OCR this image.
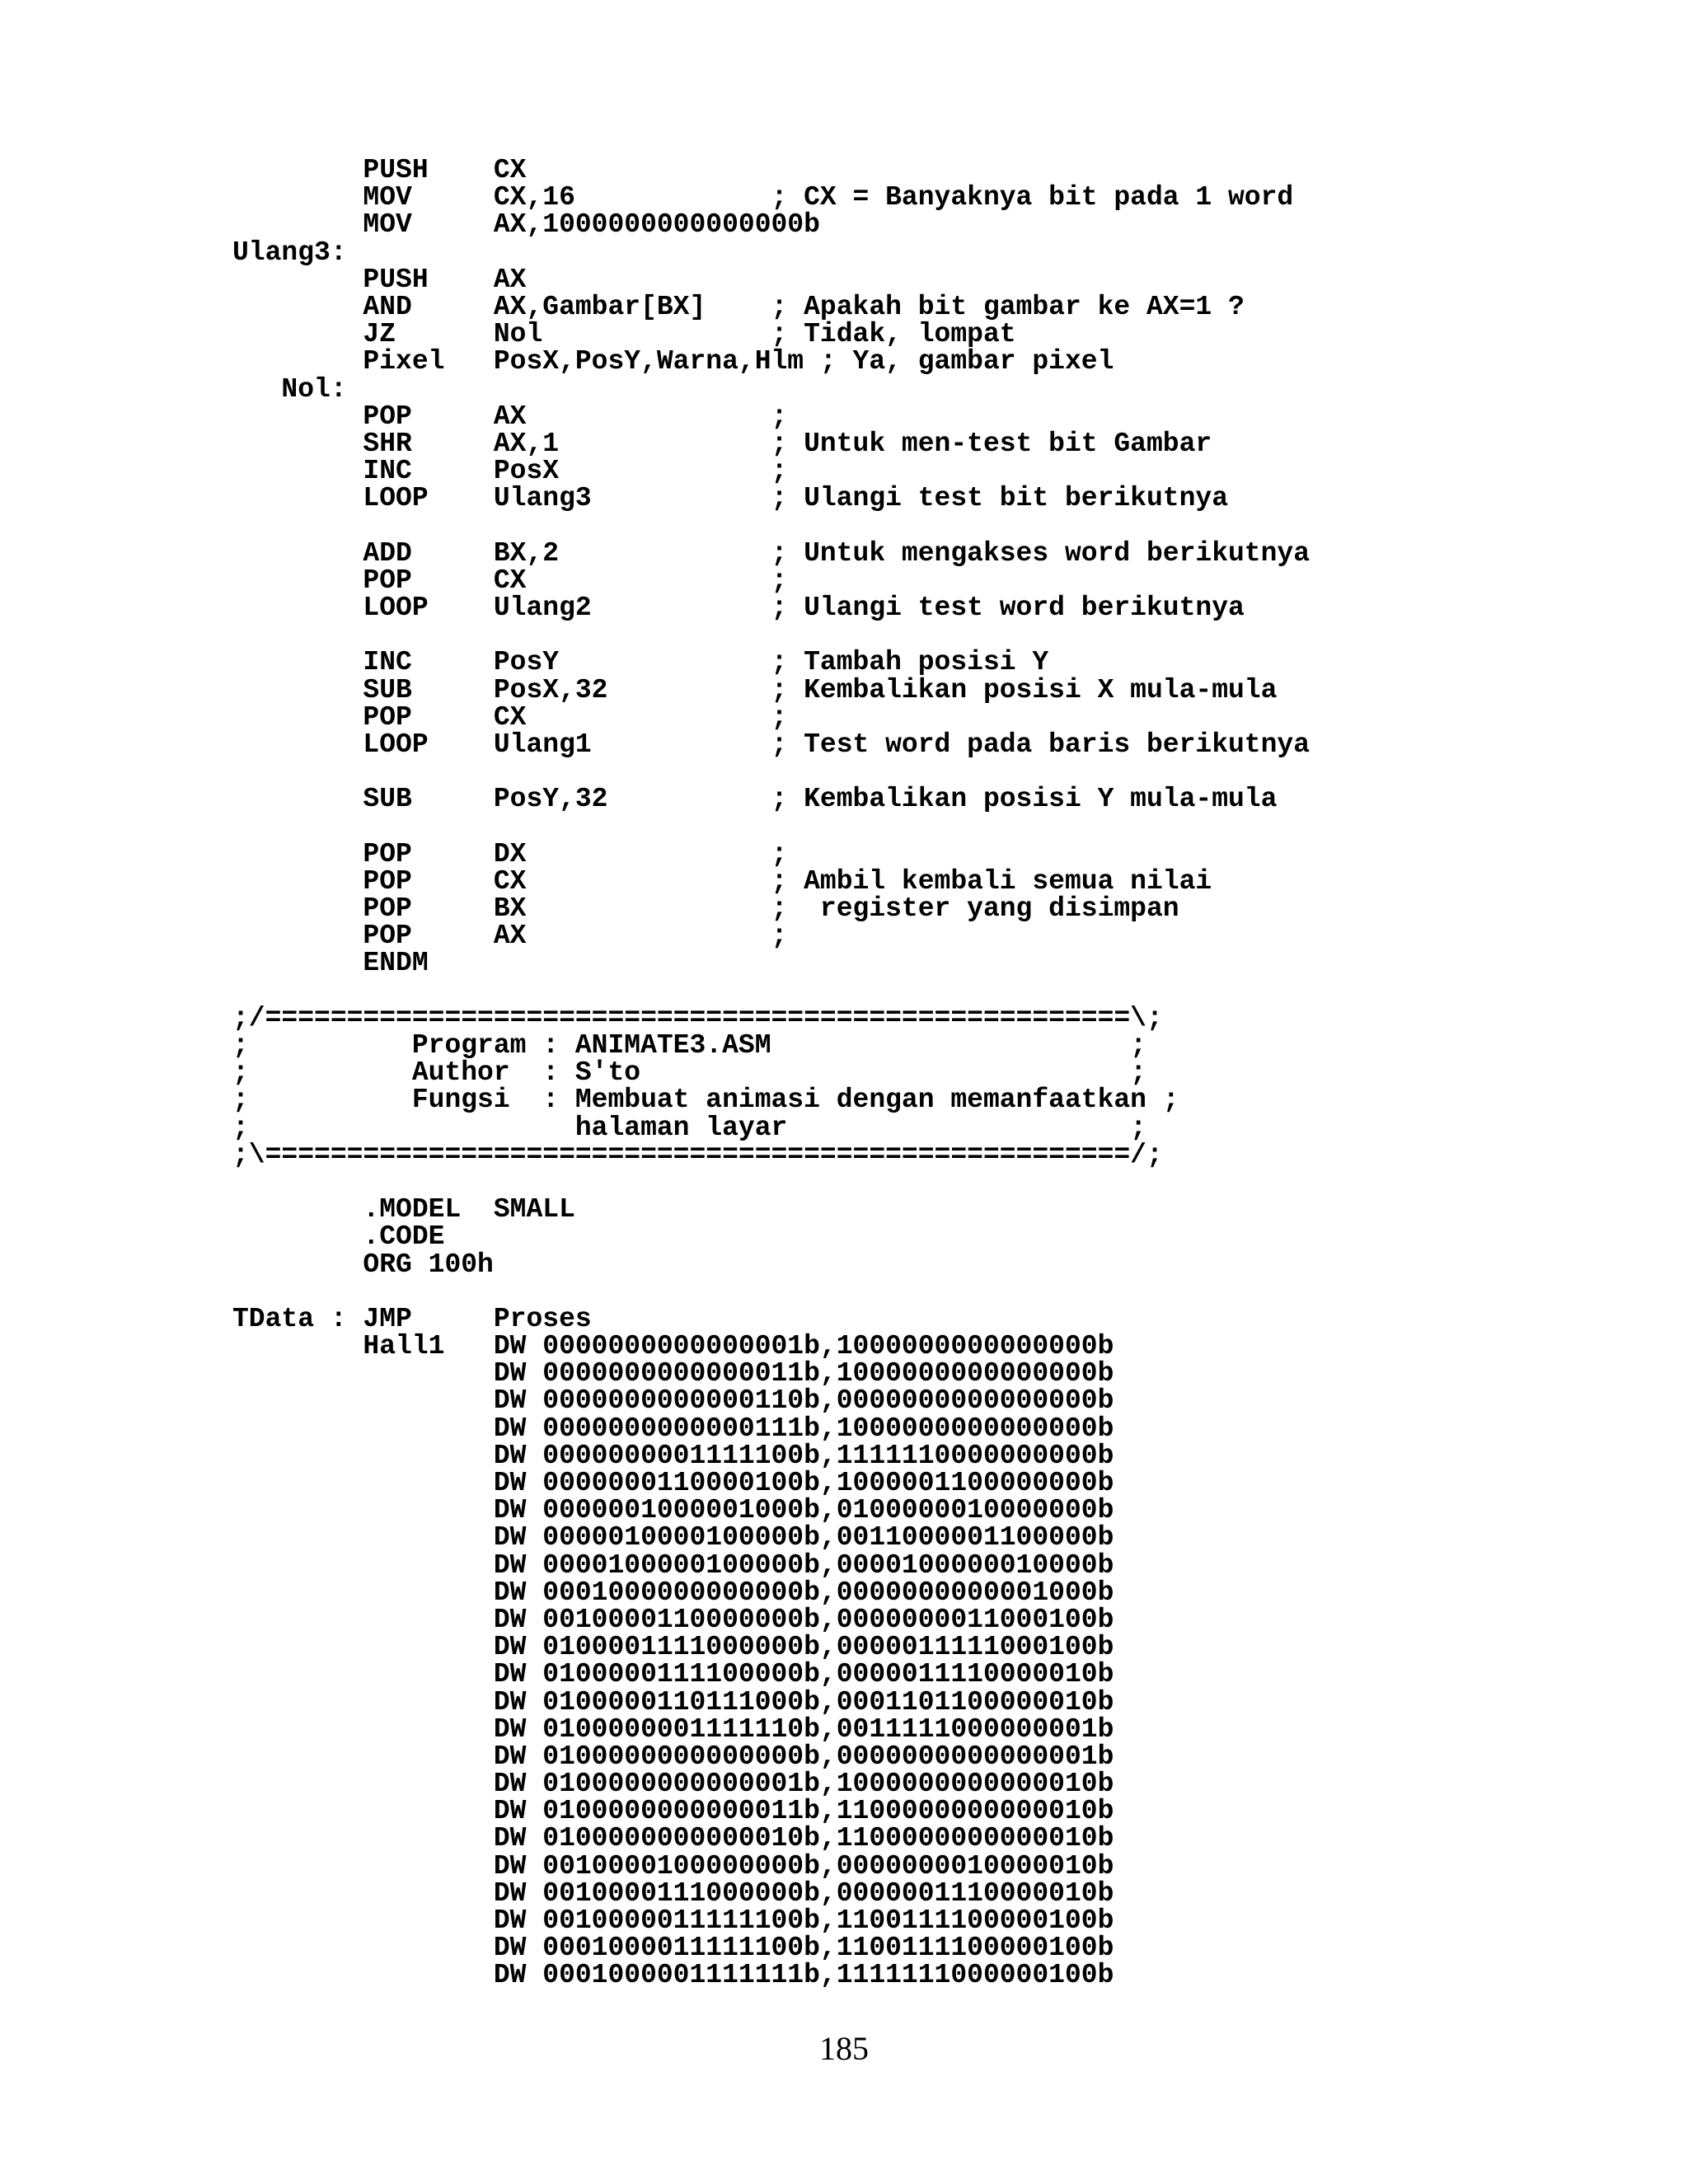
PUSH    CX
MOV     CX,16            ; CX = Banyaknya bit pada 1 word
MOV     AX,1000000000000000b
Ulang3:
PUSH    AX
AND     AX,Gambar[BX]    ; Apakah bit gambar ke AX=1 ?
JZ      Nol              ; Tidak, lompat
Pixel   PosX,PosY,Warna,Hlm ; Ya, gambar pixel
Nol:
POP     AX               ;
SHR     AX,1             ; Untuk men-test bit Gambar
INC     PosX             ;
LOOP    Ulang3           ; Ulangi test bit berikutnya

ADD     BX,2             ; Untuk mengakses word berikutnya
POP     CX               ;
LOOP    Ulang2           ; Ulangi test word berikutnya

INC     PosY             ; Tambah posisi Y
SUB     PosX,32          ; Kembalikan posisi X mula-mula
POP     CX               ;
LOOP    Ulang1           ; Test word pada baris berikutnya

SUB     PosY,32          ; Kembalikan posisi Y mula-mula

POP     DX               ;
POP     CX               ; Ambil kembali semua nilai
POP     BX               ;  register yang disimpan
POP     AX               ;
ENDM

;/=====================================================\;
;          Program : ANIMATE3.ASM                      ;
;          Author  : S'to                              ;
;          Fungsi  : Membuat animasi dengan memanfaatkan ;
;                    halaman layar                     ;
;\=====================================================/;

.MODEL  SMALL
.CODE
ORG 100h

TData : JMP     Proses
Hall1   DW 0000000000000001b,1000000000000000b
DW 0000000000000011b,1000000000000000b
DW 0000000000000110b,0000000000000000b
DW 0000000000000111b,1000000000000000b
DW 0000000001111100b,1111110000000000b
DW 0000000110000100b,1000001100000000b
DW 0000001000001000b,0100000010000000b
DW 0000010000100000b,0011000001100000b
DW 0000100000100000b,0000100000010000b
DW 0001000000000000b,0000000000001000b
DW 0010000110000000b,0000000011000100b
DW 0100001111000000b,0000011111000100b
DW 0100000111100000b,0000011110000010b
DW 0100000110111000b,0001101100000010b
DW 0100000001111110b,0011111000000001b
DW 0100000000000000b,0000000000000001b
DW 0100000000000001b,1000000000000010b
DW 0100000000000011b,1100000000000010b
DW 0100000000000010b,1100000000000010b
DW 0010000100000000b,0000000010000010b
DW 0010000111000000b,0000001110000010b
DW 0010000011111100b,1100111100000100b
DW 0001000011111100b,1100111100000100b
DW 0001000001111111b,1111111000000100b
185
